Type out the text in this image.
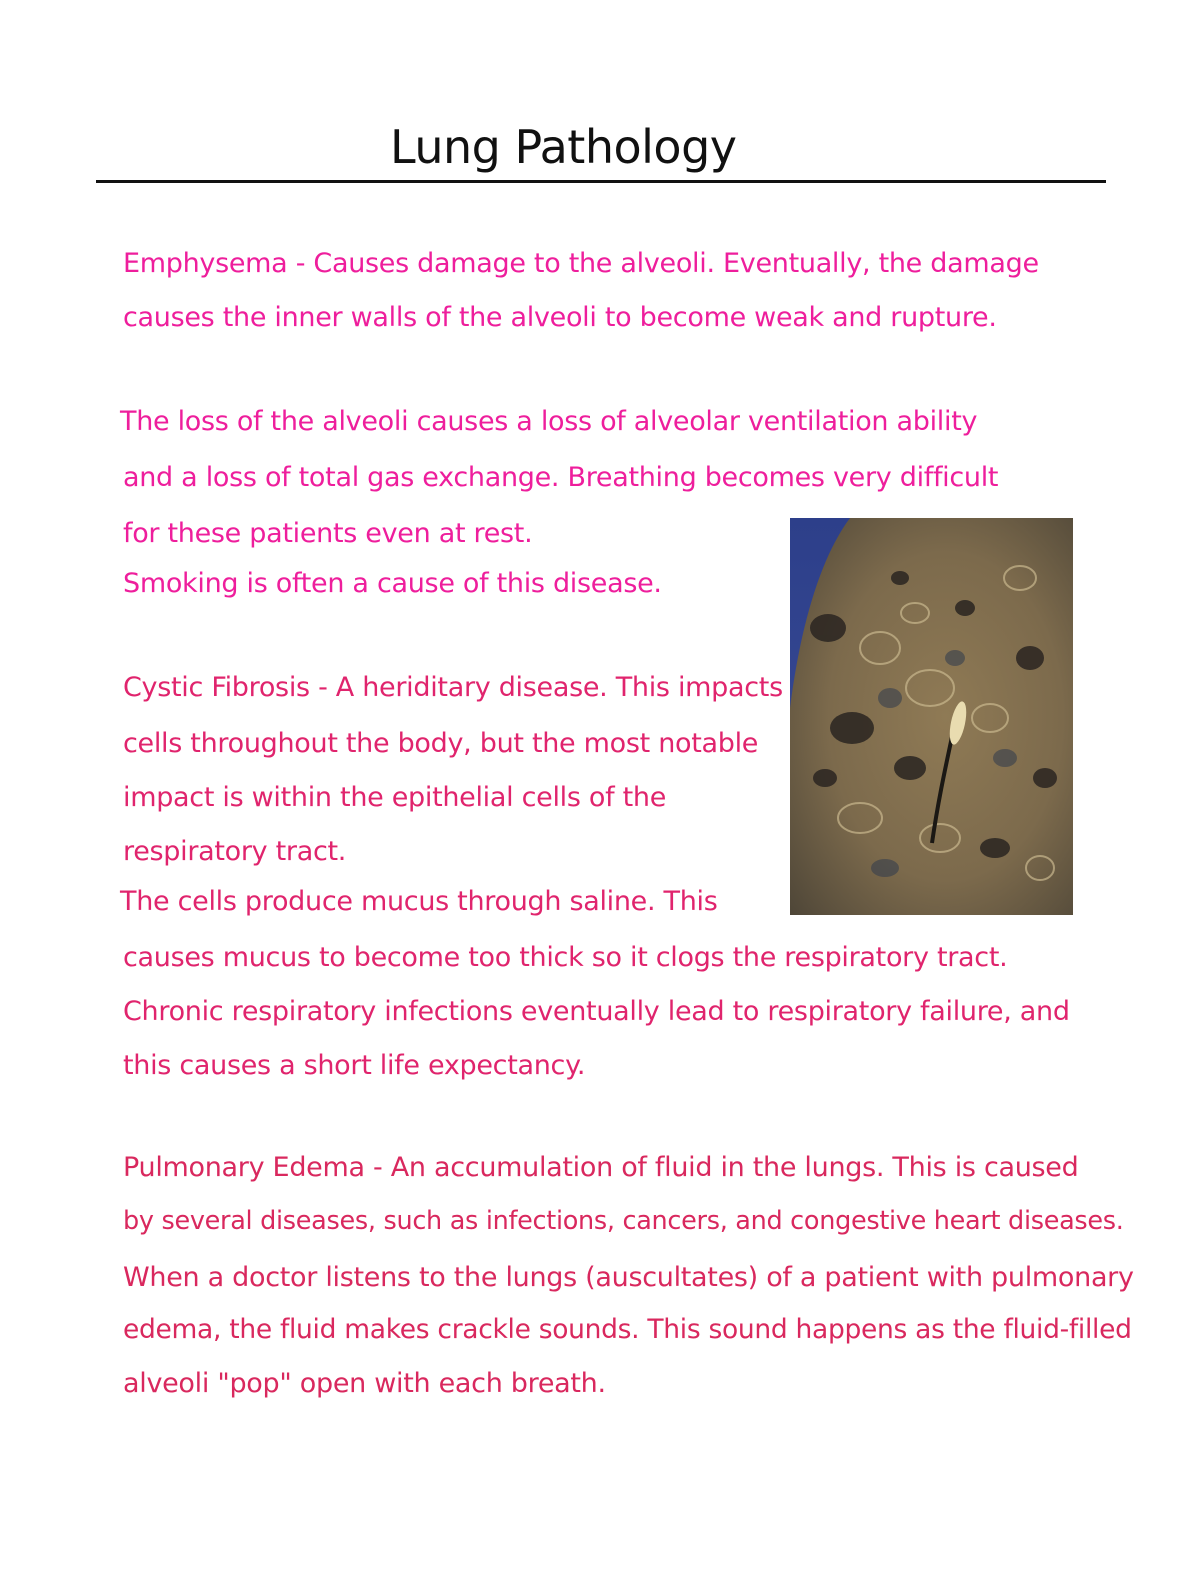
Lung Pathology

Emphysema - Causes damage to the alveoli. Eventually, the damage

causes the inner walls of the alveoli to become weak and rupture.

The loss of the alveoli causes a loss of alveolar ventilation ability

and a loss of total gas exchange. Breathing becomes very difficult

for these patients even at rest.

Smoking is often a cause of this disease.

Cystic Fibrosis - A heriditary disease. This impacts

cells throughout the body, but the most notable

impact is within the epithelial cells of the

respiratory tract.

The cells produce mucus through saline. This

causes mucus to become too thick so it clogs the respiratory tract.

Chronic respiratory infections eventually lead to respiratory failure, and

this causes a short life expectancy.

Pulmonary Edema - An accumulation of fluid in the lungs. This is caused

by several diseases, such as infections, cancers, and congestive heart diseases.

When a doctor listens to the lungs (auscultates) of a patient with pulmonary

edema, the fluid makes crackle sounds. This sound happens as the fluid-filled

alveoli "pop" open with each breath.
